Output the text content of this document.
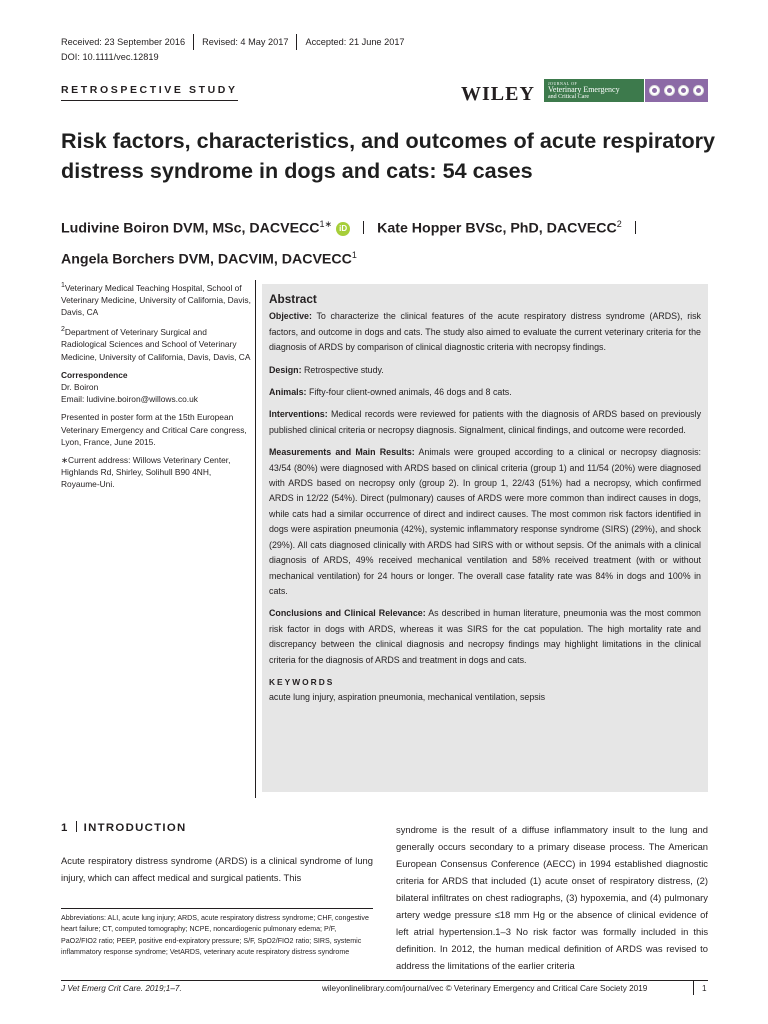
Received: 23 September 2016 Revised: 4 May 2017 Accepted: 21 June 2017
DOI: 10.1111/vec.12819
RETROSPECTIVE STUDY	WILEY	JOURNAL OF
Veterinary Emergency
and Critical Care
Risk factors, characteristics, and outcomes of acute respiratory distress syndrome in dogs and cats: 54 cases
Ludivine Boiron DVM, MSc, $DACVECC^{1∗}$ iD Kate Hopper BVSc, PhD, DACVECC$^2$
Angela Borchers DVM, DACVIM, DACVECC$^1$

$^1$Veterinary Medical Teaching Hospital, School of Veterinary Medicine, University of California, Davis, Davis, CA

$^2$Department of Veterinary Surgical and Radiological Sciences and School of Veterinary Medicine, University of California, Davis, Davis, CA

Correspondence
Dr. Boiron
Email: ludivine.boiron@willows.co.uk

Presented in poster form at the 15th European Veterinary Emergency and Critical Care congress, Lyon, France, June 2015.

∗Current address: Willows Veterinary Center, Highlands Rd, Shirley, Solihull B90 4NH, Royaume-Uni.

Abstract

Objective: To characterize the clinical features of the acute respiratory distress syndrome (ARDS), risk factors, and outcome in dogs and cats. The study also aimed to evaluate the current veterinary criteria for the diagnosis of ARDS by comparison of clinical diagnostic criteria with necropsy findings.

Design: Retrospective study.

Animals: Fifty-four client-owned animals, 46 dogs and 8 cats.

Interventions: Medical records were reviewed for patients with the diagnosis of ARDS based on previously published clinical criteria or necropsy diagnosis. Signalment, clinical findings, and outcome were recorded.

Measurements and Main Results: Animals were grouped according to a clinical or necropsy diagnosis: 43/54 (80%) were diagnosed with ARDS based on clinical criteria (group 1) and 11/54 (20%) were diagnosed with ARDS based on necropsy only (group 2). In group 1, 22/43 (51%) had a necropsy, which confirmed ARDS in 12/22 (54%). Direct (pulmonary) causes of ARDS were more common than indirect causes in dogs, while cats had a similar occurrence of direct and indirect causes. The most common risk factors identified in dogs were aspiration pneumonia (42%), systemic inflammatory response syndrome (SIRS) (29%), and shock (29%). All cats diagnosed clinically with ARDS had SIRS with or without sepsis. Of the animals with a clinical diagnosis of ARDS, 49% received mechanical ventilation and 58% received treatment (with or without mechanical ventilation) for 24 hours or longer. The overall case fatality rate was 84% in dogs and 100% in cats.

Conclusions and Clinical Relevance: As described in human literature, pneumonia was the most common risk factor in dogs with ARDS, whereas it was SIRS for the cat population. The high mortality rate and discrepancy between the clinical diagnosis and necropsy findings may highlight limitations in the clinical criteria for the diagnosis of ARDS and treatment in dogs and cats.

KEYWORDS
acute lung injury, aspiration pneumonia, mechanical ventilation, sepsis
1 INTRODUCTION
Acute respiratory distress syndrome (ARDS) is a clinical syndrome of lung injury, which can affect medical and surgical patients. This
Abbreviations: ALI, acute lung injury; ARDS, acute respiratory distress syndrome; CHF, congestive heart failure; CT, computed tomography; NCPE, noncardiogenic pulmonary edema; P/F, PaO2/FIO2 ratio; PEEP, positive end-expiratory pressure; S/F, SpO2/FIO2 ratio; SIRS, systemic inflammatory response syndrome; VetARDS, veterinary acute respiratory distress syndrome
syndrome is the result of a diffuse inflammatory insult to the lung and generally occurs secondary to a primary disease process. The American European Consensus Conference (AECC) in 1994 established diagnostic criteria for ARDS that included (1) acute onset of respiratory distress, (2) bilateral infiltrates on chest radiographs, (3) hypoxemia, and (4) pulmonary artery wedge pressure ≤18 mm Hg or the absence of clinical evidence of left atrial hypertension.1–3 No risk factor was formally included in this definition. In 2012, the human medical definition of ARDS was revised to address the limitations of the earlier criteria
J Vet Emerg Crit Care. 2019;1–7.	wileyonlinelibrary.com/journal/vec © Veterinary Emergency and Critical Care Society 2019	1
